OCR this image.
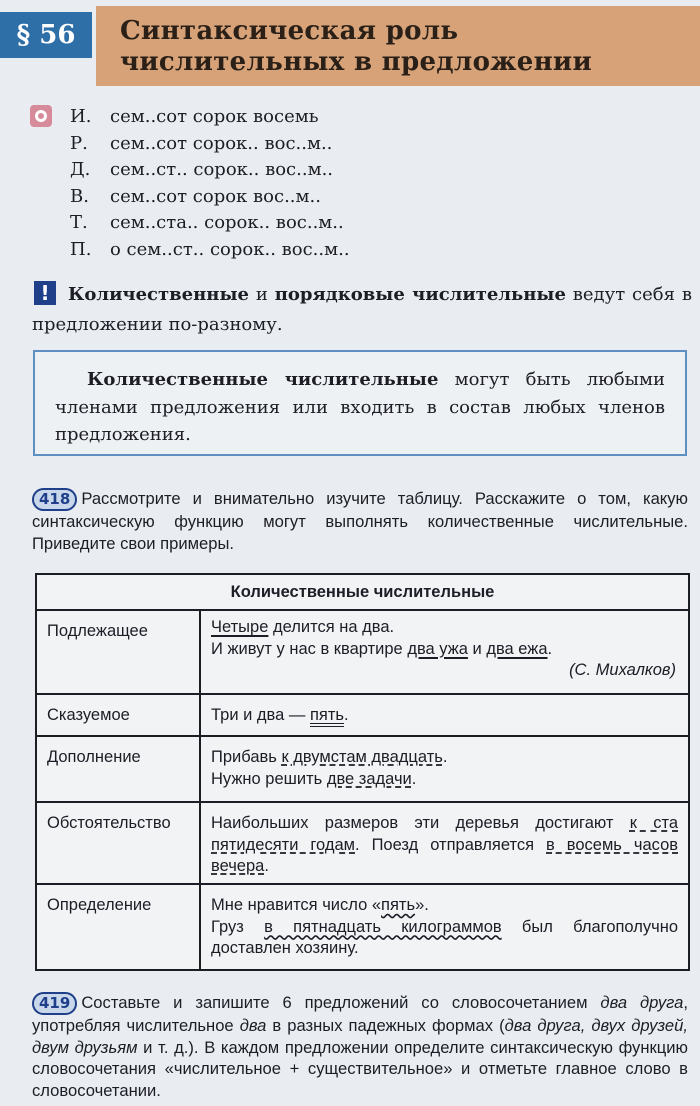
§ 56	Синтаксическая роль
числительных в предложении
И.	сем..сот сорок восемь
Р.	сем..сот сорок.. вос..м..
Д.	сем..ст.. сорок.. вос..м..
В.	сем..сот сорок вос..м..
Т.	сем..ста.. сорок.. вос..м..
П.	о сем..ст.. сорок.. вос..м..
!	Количественные и порядковые числительные ведут себя в предложении по-разному.
Количественные числительные могут быть любыми членами предложения или входить в состав любых членов предложения.
418 Рассмотрите и внимательно изучите таблицу. Расскажите о том, какую синтаксическую функцию могут выполнять количественные числительные. Приведите свои примеры.
Количественные числительные
Подлежащее	Четыре делится на два.
И живут у нас в квартире два ужа и два ежа.
(С. Михалков)

Сказуемое	Три и два — пять.
Дополнение	Прибавь к двумстам двадцать.
Нужно решить две задачи.

Обстоятельство	Наибольших размеров эти деревья достигают к ста пятидесяти годам. Поезд отправляется в восемь часов вечера.
Определение	Мне нравится число «пять».
Груз в пятнадцать килограммов был благополучно доставлен хозяину.
419 Составьте и запишите 6 предложений со словосочетанием два друга, употребляя числительное два в разных падежных формах (два друга, двух друзей, двум друзьям и т. д.). В каждом предложении определите синтаксическую функцию словосочетания «числительное + существительное» и отметьте главное слово в словосочетании.
